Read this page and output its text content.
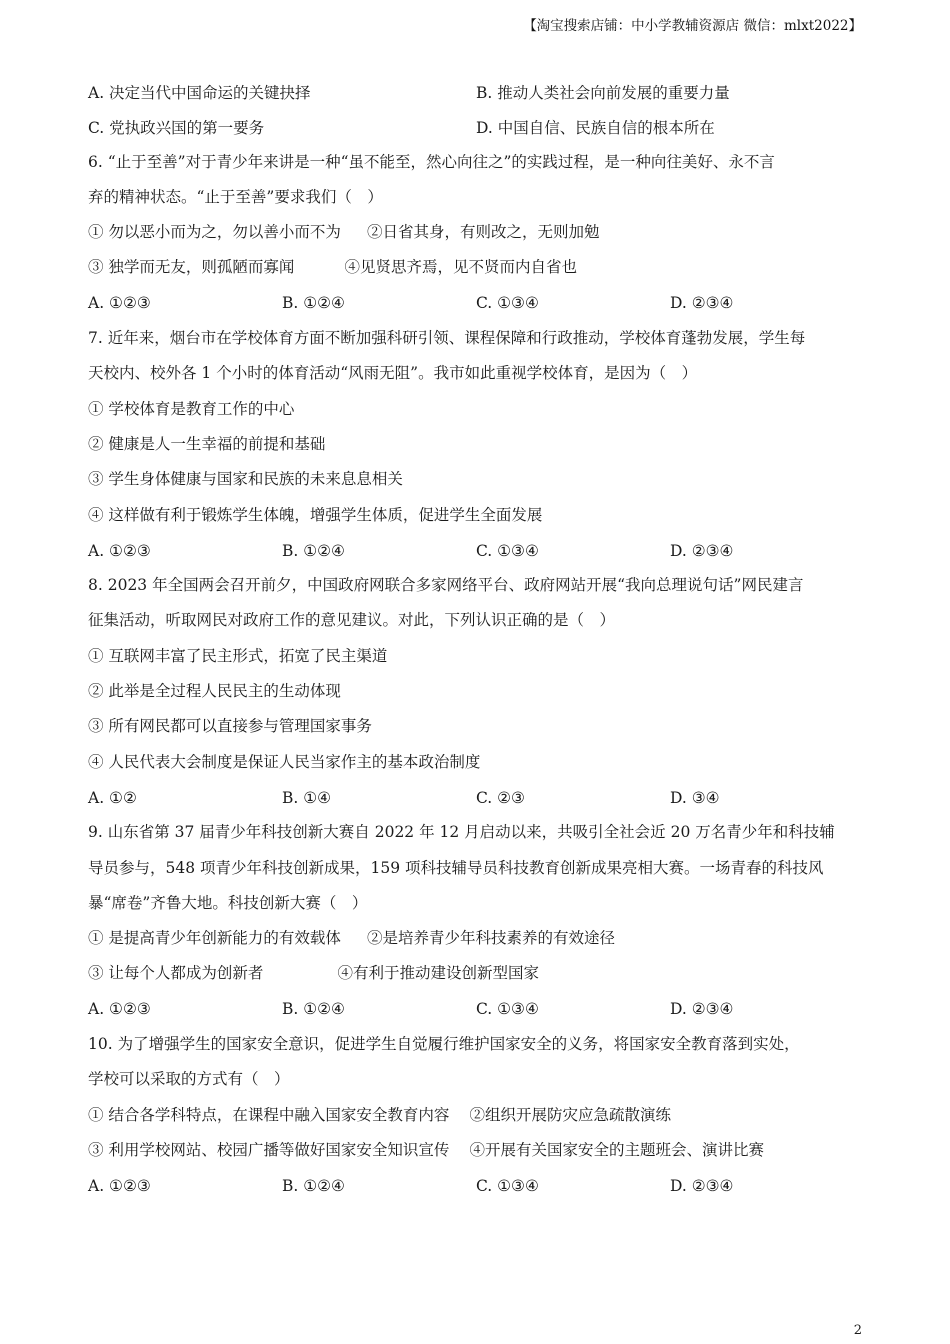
【淘宝搜索店铺：中小学教辅资源店 微信：mlxt2022】
A. 决定当代中国命运的关键抉择	B. 推动人类社会向前发展的重要力量
C. 党执政兴国的第一要务	D. 中国自信、民族自信的根本所在
6. “止于至善”对于青少年来讲是一种“虽不能至，然心向往之”的实践过程，是一种向往美好、永不言
弃的精神状态。“止于至善”要求我们（　）
① 勿以恶小而为之，勿以善小而不为 ②日省其身，有则改之，无则加勉
③ 独学而无友，则孤陋而寡闻	④见贤思齐焉，见不贤而内自省也
A. ①②③	B. ①②④	C. ①③④	D. ②③④
7. 近年来，烟台市在学校体育方面不断加强科研引领、课程保障和行政推动，学校体育蓬勃发展，学生每
天校内、校外各 1 个小时的体育活动“风雨无阻”。我市如此重视学校体育，是因为（　）
① 学校体育是教育工作的中心
② 健康是人一生幸福的前提和基础
③ 学生身体健康与国家和民族的未来息息相关
④ 这样做有利于锻炼学生体魄，增强学生体质，促进学生全面发展
A. ①②③	B. ①②④	C. ①③④	D. ②③④
8. 2023 年全国两会召开前夕，中国政府网联合多家网络平台、政府网站开展“我向总理说句话”网民建言
征集活动，听取网民对政府工作的意见建议。对此，下列认识正确的是（　）
① 互联网丰富了民主形式，拓宽了民主渠道
② 此举是全过程人民民主的生动体现
③ 所有网民都可以直接参与管理国家事务
④ 人民代表大会制度是保证人民当家作主的基本政治制度
A. ①②	B. ①④	C. ②③	D. ③④
9. 山东省第 37 届青少年科技创新大赛自 2022 年 12 月启动以来，共吸引全社会近 20 万名青少年和科技辅
导员参与，548 项青少年科技创新成果，159 项科技辅导员科技教育创新成果亮相大赛。一场青春的科技风
暴“席卷”齐鲁大地。科技创新大赛（　）
① 是提高青少年创新能力的有效载体 ②是培养青少年科技素养的有效途径
③ 让每个人都成为创新者	④有利于推动建设创新型国家
A. ①②③	B. ①②④	C. ①③④	D. ②③④
10. 为了增强学生的国家安全意识，促进学生自觉履行维护国家安全的义务，将国家安全教育落到实处，
学校可以采取的方式有（　）
① 结合各学科特点，在课程中融入国家安全教育内容 ②组织开展防灾应急疏散演练
③ 利用学校网站、校园广播等做好国家安全知识宣传 ④开展有关国家安全的主题班会、演讲比赛
A. ①②③	B. ①②④	C. ①③④	D. ②③④
2
